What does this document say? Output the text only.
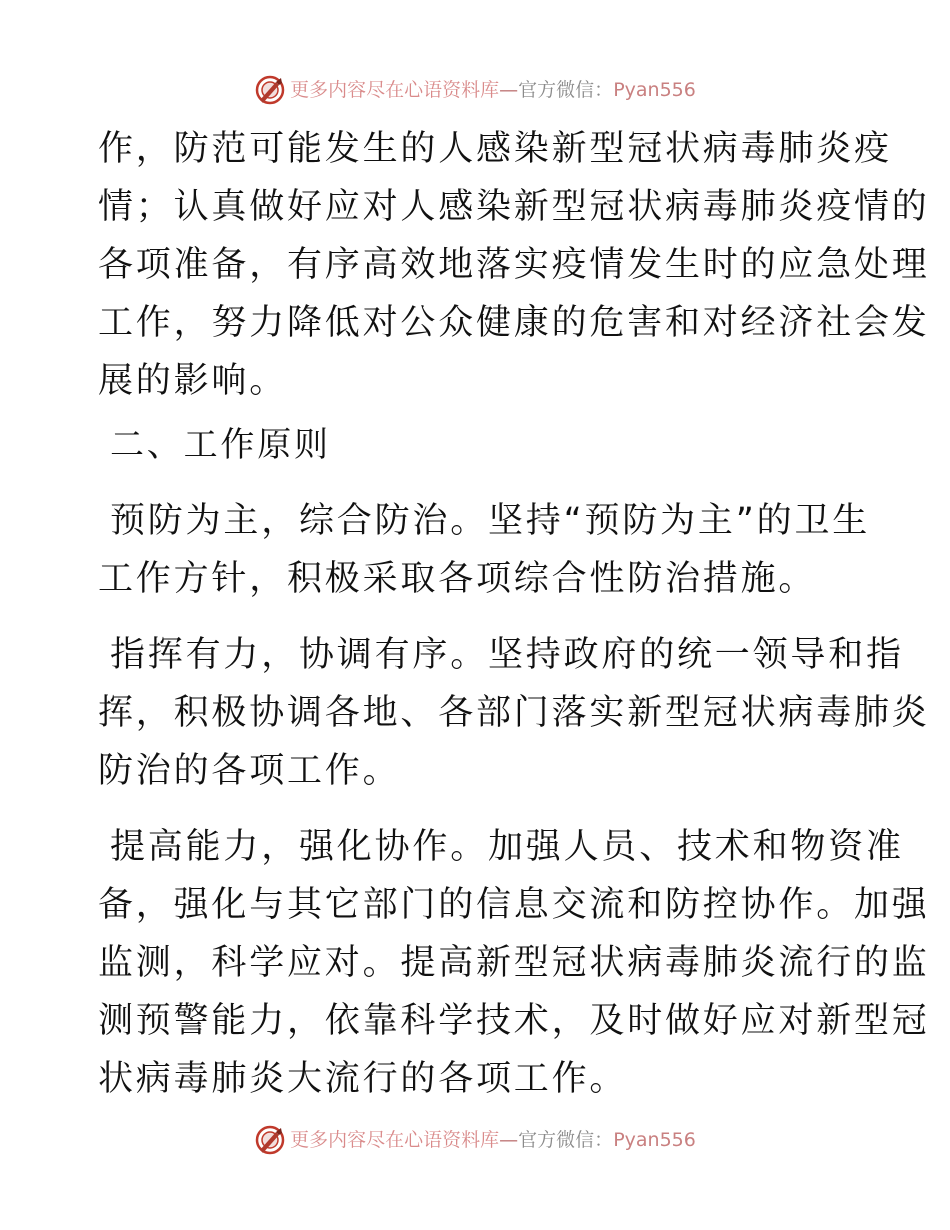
更多内容尽在心语资料库—官方微信：Pyan556

作，防范可能发生的人感染新型冠状病毒肺炎疫
情；认真做好应对人感染新型冠状病毒肺炎疫情的
各项准备，有序高效地落实疫情发生时的应急处理
工作，努力降低对公众健康的危害和对经济社会发
展的影响。

二、工作原则

预防为主，综合防治。坚持“预防为主”的卫生
工作方针，积极采取各项综合性防治措施。

指挥有力，协调有序。坚持政府的统一领导和指
挥，积极协调各地、各部门落实新型冠状病毒肺炎
防治的各项工作。

提高能力，强化协作。加强人员、技术和物资准
备，强化与其它部门的信息交流和防控协作。加强
监测，科学应对。提高新型冠状病毒肺炎流行的监
测预警能力，依靠科学技术，及时做好应对新型冠
状病毒肺炎大流行的各项工作。

更多内容尽在心语资料库—官方微信：Pyan556
